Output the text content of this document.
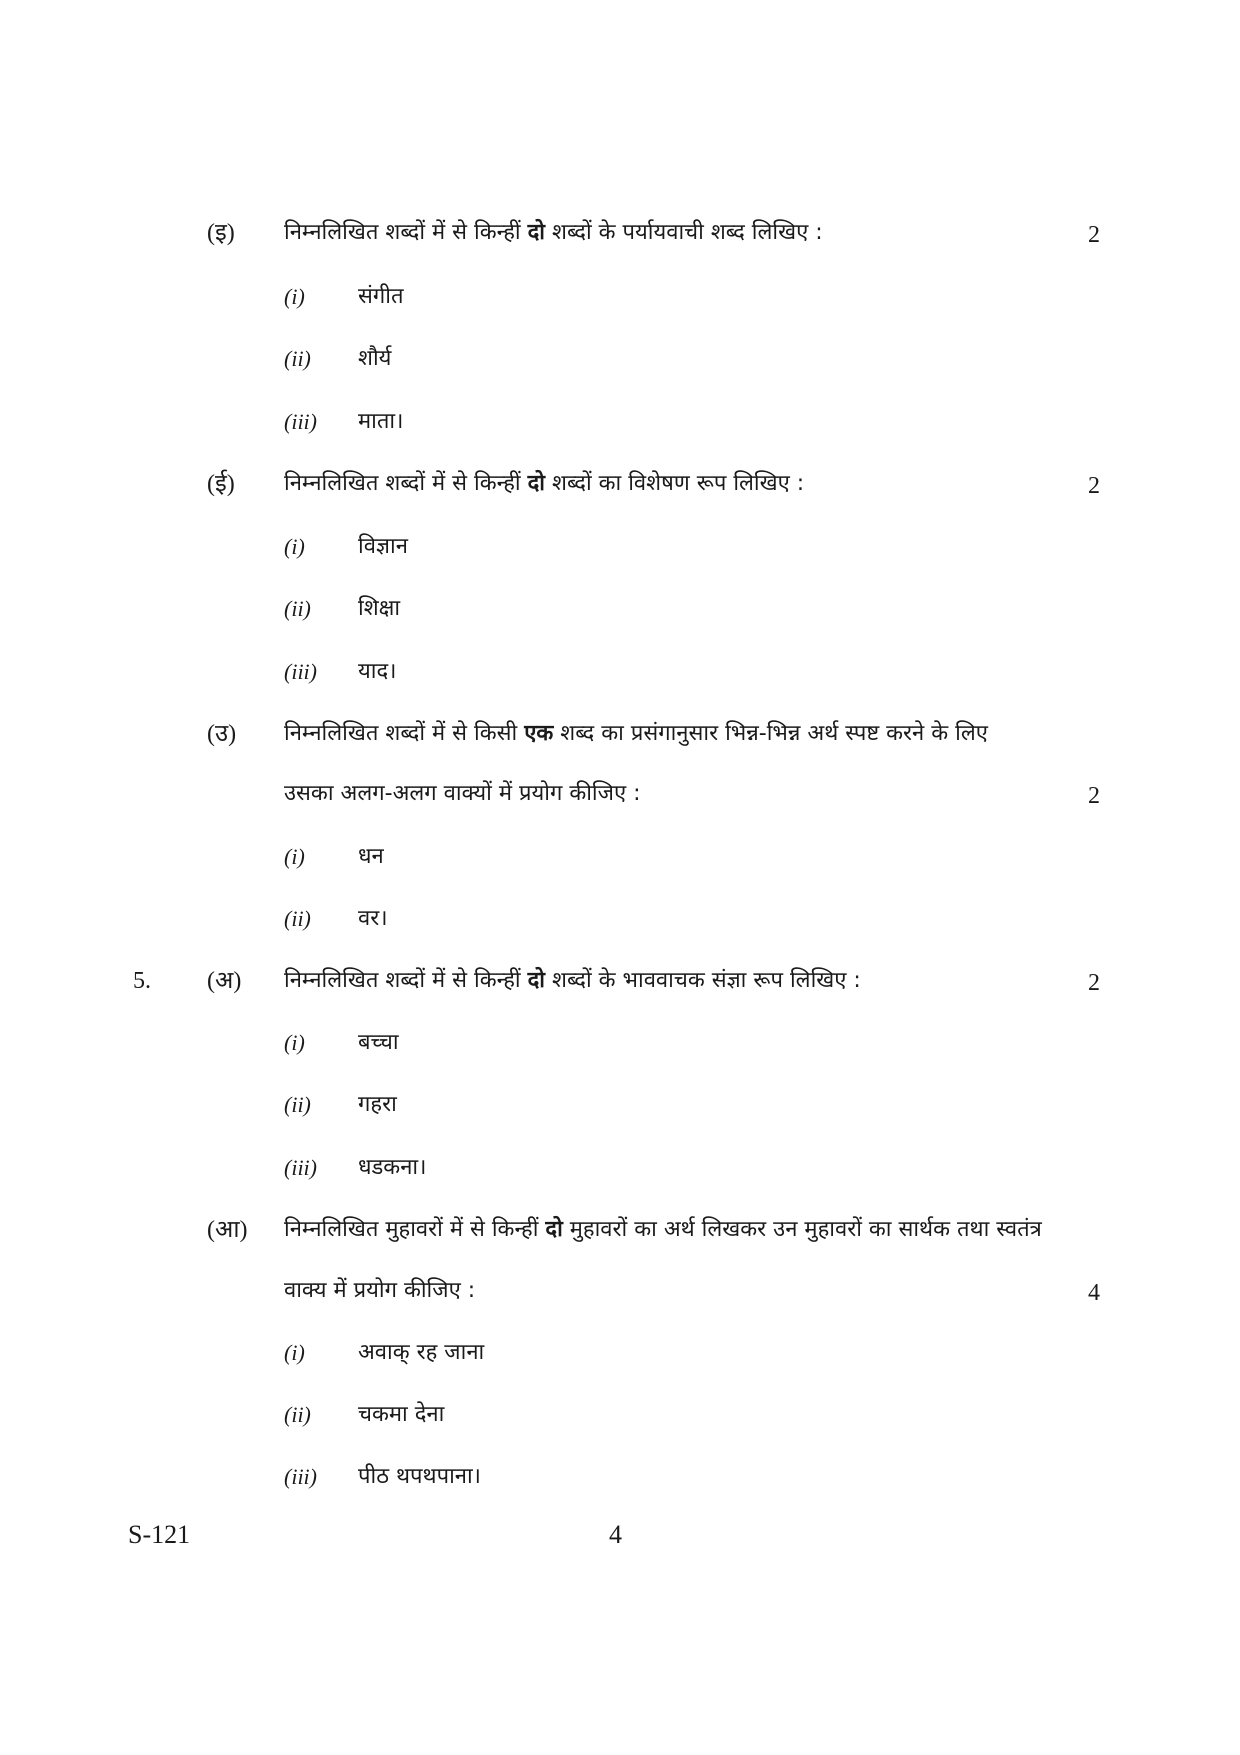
(इ) निम्नलिखित शब्दों में से किन्हीं दो शब्दों के पर्यायवाची शब्द लिखिए :	2
(i) संगीत
(ii) शौर्य
(iii) माता।
(ई) निम्नलिखित शब्दों में से किन्हीं दो शब्दों का विशेषण रूप लिखिए :	2
(i) विज्ञान
(ii) शिक्षा
(iii) याद।
(उ) निम्नलिखित शब्दों में से किसी एक शब्द का प्रसंगानुसार भिन्न-भिन्न अर्थ स्पष्ट करने के लिए
उसका अलग-अलग वाक्यों में प्रयोग कीजिए :	2
(i) धन
(ii) वर।
5. (अ) निम्नलिखित शब्दों में से किन्हीं दो शब्दों के भाववाचक संज्ञा रूप लिखिए :	2
(i) बच्चा
(ii) गहरा
(iii) धडकना।
(आ) निम्नलिखित मुहावरों में से किन्हीं दो मुहावरों का अर्थ लिखकर उन मुहावरों का सार्थक तथा स्वतंत्र
वाक्य में प्रयोग कीजिए :	4
(i) अवाक् रह जाना
(ii) चकमा देना
(iii) पीठ थपथपाना।
S-121	4
